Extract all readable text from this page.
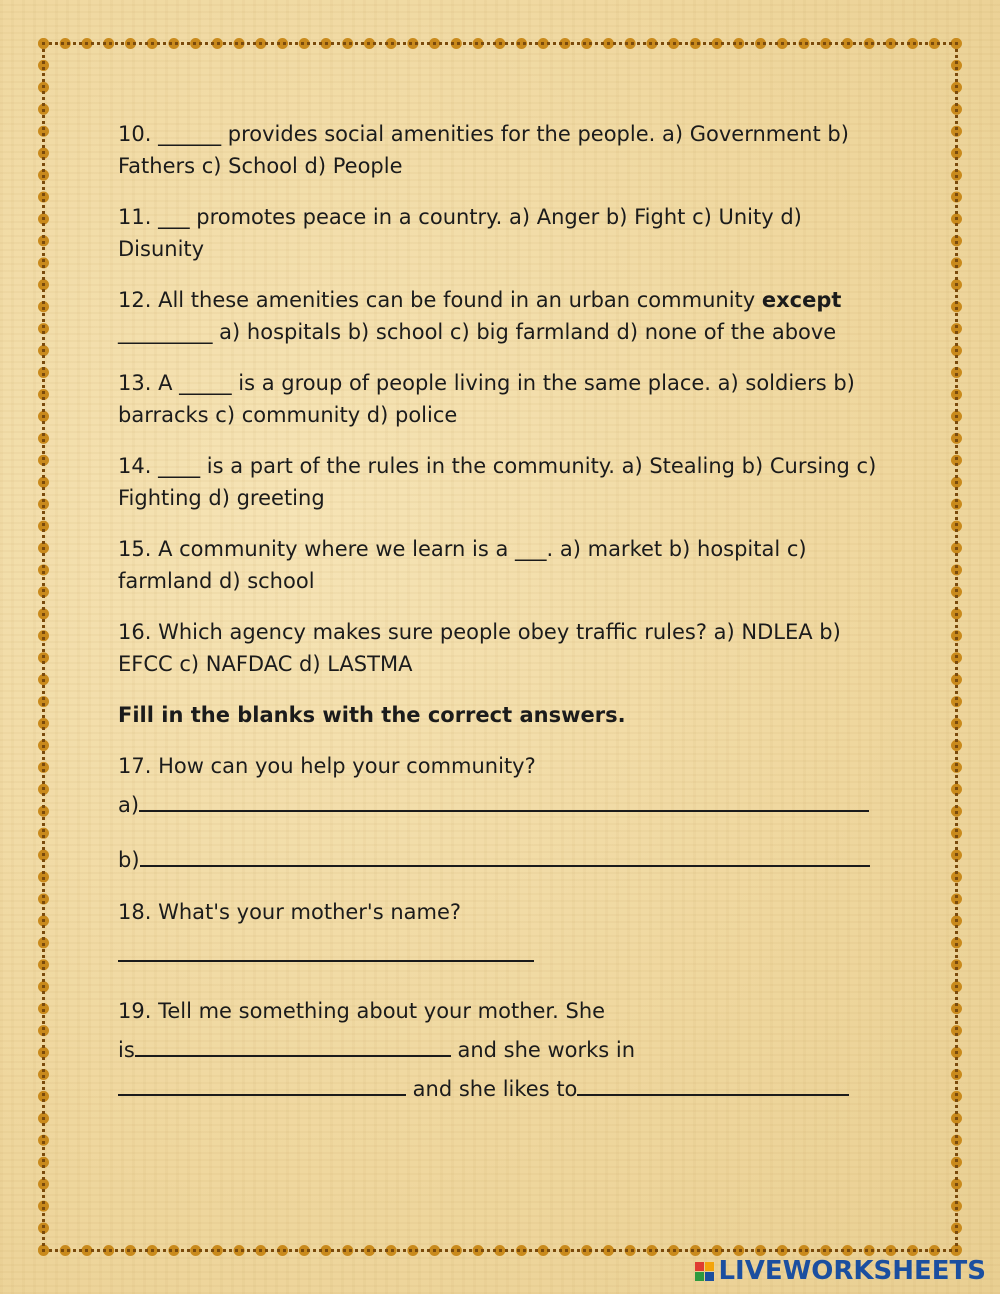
10. ______ provides social amenities for the people. a) Government b) Fathers c) School d) People

11. ___ promotes peace in a country. a) Anger b) Fight c) Unity d) Disunity

12. All these amenities can be found in an urban community except _________ a) hospitals b) school c) big farmland d) none of the above

13. A _____ is a group of people living in the same place. a) soldiers b) barracks c) community d) police

14. ____ is a part of the rules in the community. a) Stealing b) Cursing c) Fighting d) greeting

15. A community where we learn is a ___. a) market b) hospital c) farmland d) school

16. Which agency makes sure people obey traffic rules? a) NDLEA b) EFCC c) NAFDAC d) LASTMA

Fill in the blanks with the correct answers.

17. How can you help your community?

a)

b)

18. What's your mother's name?

19. Tell me something about your mother. She

is	and she works in

and she likes to

LIVEWORKSHEETS
